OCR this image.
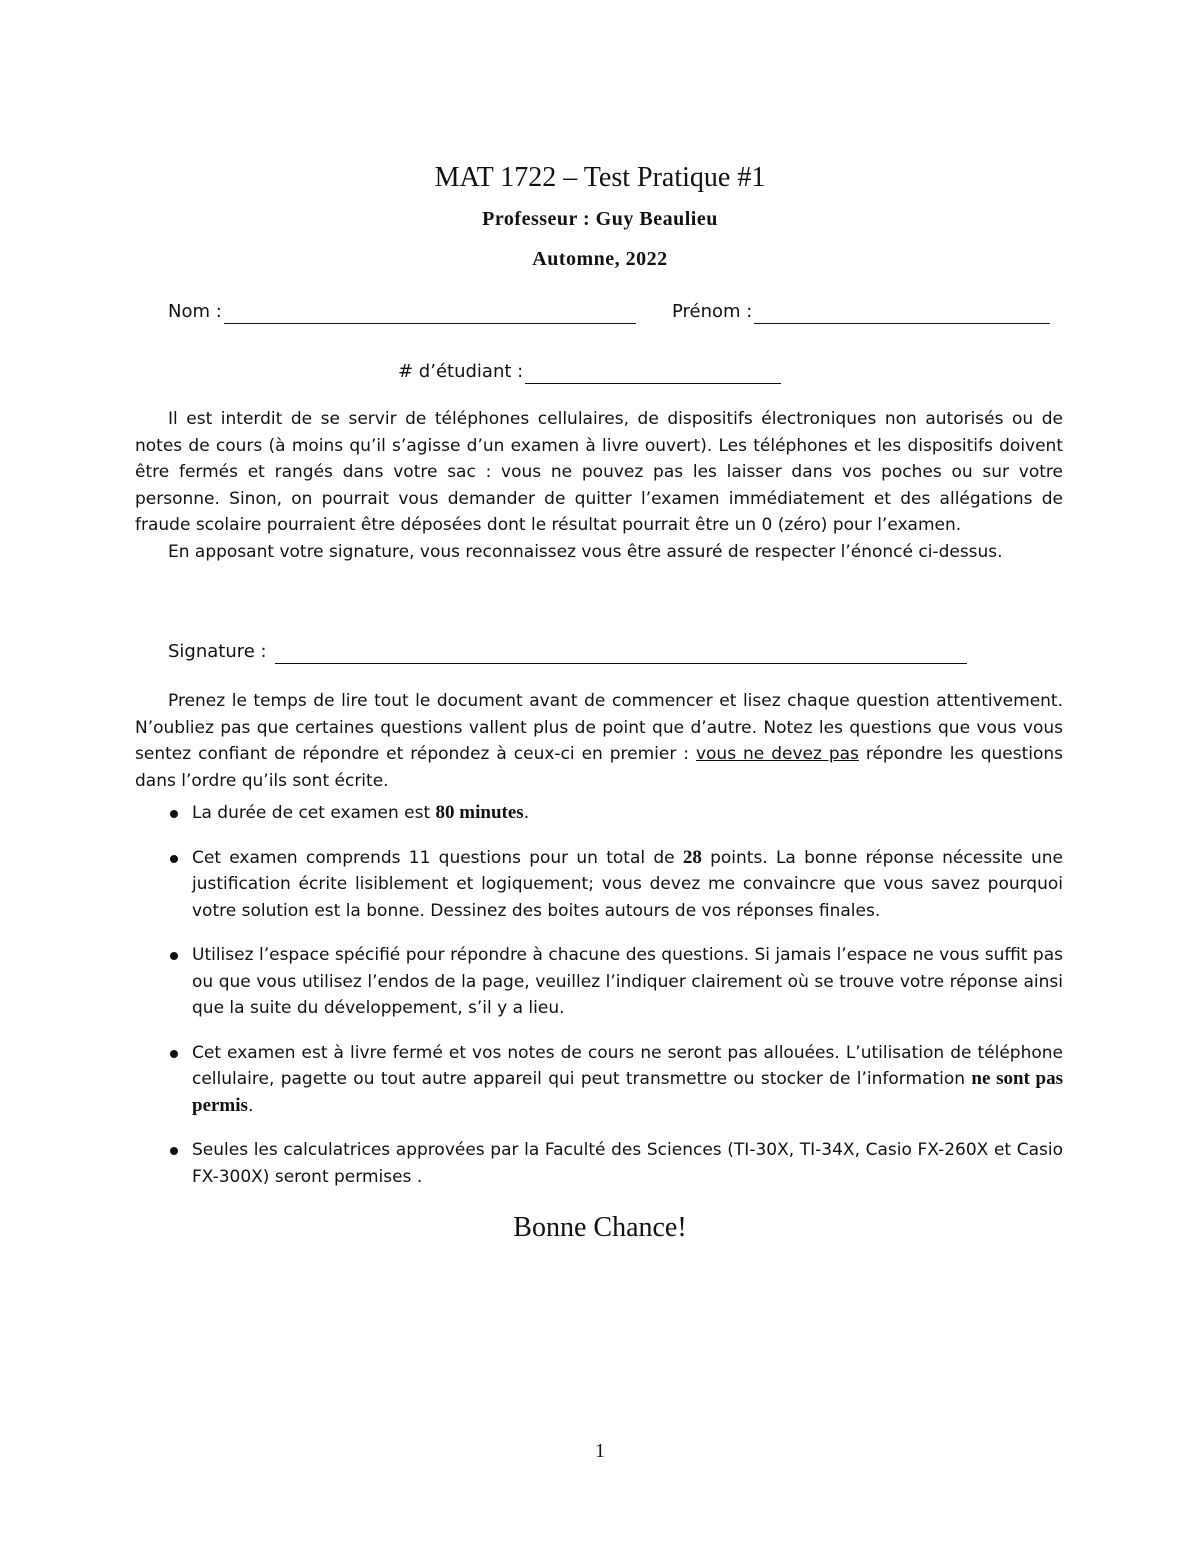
MAT 1722 – Test Pratique #1
Professeur : Guy Beaulieu
Automne, 2022
Nom :	Prénom :
# d’étudiant :

Il est interdit de se servir de téléphones cellulaires, de dispositifs électroniques non autorisés ou de notes de cours (à moins qu’il s’agisse d’un examen à livre ouvert). Les téléphones et les dispositifs doivent être fermés et rangés dans votre sac : vous ne pouvez pas les laisser dans vos poches ou sur votre personne. Sinon, on pourrait vous demander de quitter l’examen immédiatement et des allégations de fraude scolaire pourraient être déposées dont le résultat pourrait être un 0 (zéro) pour l’examen.

En apposant votre signature, vous reconnaissez vous être assuré de respecter l’énoncé ci-dessus.

Signature :

Prenez le temps de lire tout le document avant de commencer et lisez chaque question attentivement. N’oubliez pas que certaines questions vallent plus de point que d’autre. Notez les questions que vous vous sentez confiant de répondre et répondez à ceux-ci en premier : vous ne devez pas répondre les questions dans l’ordre qu’ils sont écrite.

La durée de cet examen est 80 minutes.
Cet examen comprends 11 questions pour un total de 28 points. La bonne réponse nécessite une justification écrite lisiblement et logiquement; vous devez me convaincre que vous savez pourquoi votre solution est la bonne. Dessinez des boites autours de vos réponses finales.
Utilisez l’espace spécifié pour répondre à chacune des questions. Si jamais l’espace ne vous suffit pas ou que vous utilisez l’endos de la page, veuillez l’indiquer clairement où se trouve votre réponse ainsi que la suite du développement, s’il y a lieu.
Cet examen est à livre fermé et vos notes de cours ne seront pas allouées. L’utilisation de téléphone cellulaire, pagette ou tout autre appareil qui peut transmettre ou stocker de l’information ne sont pas permis.
Seules les calculatrices approvées par la Faculté des Sciences (TI-30X, TI-34X, Casio FX-260X et Casio FX-300X) seront permises .
Bonne Chance!
1
